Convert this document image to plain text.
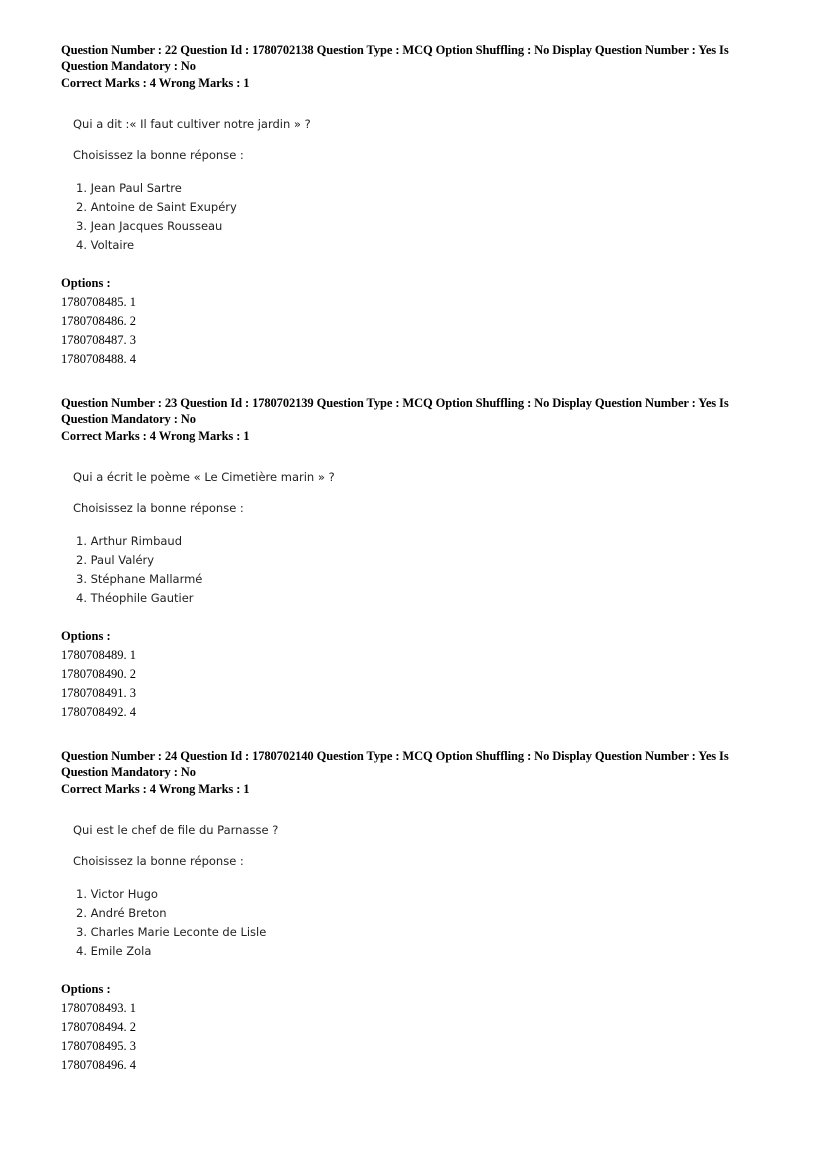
Question Number : 22 Question Id : 1780702138 Question Type : MCQ Option Shuffling : No Display Question Number : Yes Is
Question Mandatory : No
Correct Marks : 4 Wrong Marks : 1
Qui a dit :« Il faut cultiver notre jardin » ?
Choisissez la bonne réponse :
1. Jean Paul Sartre
2. Antoine de Saint Exupéry
3. Jean Jacques Rousseau
4. Voltaire
Options :
1780708485. 1
1780708486. 2
1780708487. 3
1780708488. 4
Question Number : 23 Question Id : 1780702139 Question Type : MCQ Option Shuffling : No Display Question Number : Yes Is
Question Mandatory : No
Correct Marks : 4 Wrong Marks : 1
Qui a écrit le poème « Le Cimetière marin » ?
Choisissez la bonne réponse :
1. Arthur Rimbaud
2. Paul Valéry
3. Stéphane Mallarmé
4. Théophile Gautier
Options :
1780708489. 1
1780708490. 2
1780708491. 3
1780708492. 4
Question Number : 24 Question Id : 1780702140 Question Type : MCQ Option Shuffling : No Display Question Number : Yes Is
Question Mandatory : No
Correct Marks : 4 Wrong Marks : 1
Qui est le chef de file du Parnasse ?
Choisissez la bonne réponse :
1. Victor Hugo
2. André Breton
3. Charles Marie Leconte de Lisle
4. Emile Zola
Options :
1780708493. 1
1780708494. 2
1780708495. 3
1780708496. 4
